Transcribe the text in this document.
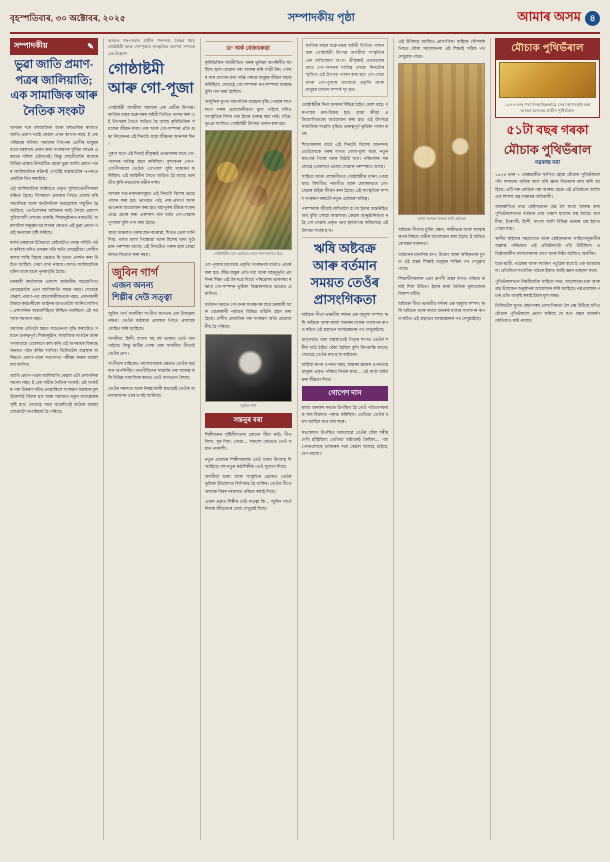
বৃহস্পতিবাৰ, ৩০ অক্টোবৰ, ২০২৫	সম্পাদকীয় পৃষ্ঠা	আমাৰ অসম ৪
সম্পাদকীয়	✎
ভুৱা জাতি প্ৰমাণ-পত্ৰৰ জালিয়াতি; এক সামাজিক আৰু নৈতিক সংকট

অসমৰ দৰে বহুজাতিক আৰু বহুভাষিক ৰাজ্যত জাতি প্ৰমাণ-পত্ৰই কেৱল এখন কাগজ নহয়, ই এক পৰিচয়ৰ দলিল। সমাজৰ পিছপৰা শ্ৰেণীৰ মানুহৰ বাবে চৰকাৰে প্ৰদান কৰা সংৰক্ষণৰ সুবিধা লাভৰ একমাত্ৰ দলিল এইখনেই। কিন্তু শেহতীয়াকৈ ৰাজ্যৰ বিভিন্ন প্ৰান্তত উদ্ঘাটিত হোৱা ভুৱা জাতি প্ৰমাণ-পত্ৰৰ জালিয়াতিৰ ঘটনাই গোটেই ব্যৱস্থাটোৰ ওপৰতে প্ৰশ্নচিহ্ন থিয় কৰাইছে।

এই জালিয়াতিৰ জৰিয়তে প্ৰকৃত সুবিধাভোগীসকল বঞ্চিত হৈছে। যিসকলে প্ৰজন্মৰ পিছত প্ৰজন্ম ধৰি সামাজিক আৰু অৰ্থনৈতিক অৱহেলাৰ সন্মুখীন হৈ আহিছে, তেওঁলোকৰ অধিকাৰ কাঢ়ি লৈছে একাংশ সুবিধাবাদী লোকে। চাকৰি, শিক্ষানুষ্ঠানত নামভৰ্তি, ব্যৱসায়িক অনুজ্ঞাপত্ৰ লাভৰ ক্ষেত্ৰত এই ভুৱা প্ৰমাণ-পত্ৰই অন্যায়ৰ সৃষ্টি কৰিছে।

ৰাজ্য চৰকাৰে ইতিমধ্যে কেইবাটাও তদন্ত সমিতি গঠন কৰিছে যদিও তদন্তৰ গতি অতি লেহেমীয়া। দোষীসকলক শাস্তি বিহাৰ ক্ষেত্ৰত যি দৃঢ়তা প্ৰদৰ্শন কৰা উচিত আছিল, সেয়া দেখা নাযায়। ফলত জালিয়াতিৰ ঘটনা বাৰে বাৰে পুনৰাবৃত্তি হৈছে।

চৰকাৰী কাৰ্যালয়ৰ একাংশ কৰ্মচাৰীৰ সহযোগিতা নোহোৱাকৈ এনে জালিয়াতি সম্ভৱ নহয়। সেয়েহে কেৱল প্ৰমাণ-পত্ৰ গ্ৰহণকাৰীজনকে নহয়, প্ৰদানকাৰী বিষয়া-কৰ্মচাৰীকো আইনৰ আওতালৈ আনিব লাগিব। প্ৰশাসনিক জবাবদিহিতা নিশ্চিত নকৰিলে এই সমস্যাৰ সমাধান নহয়।

সমাজৰ প্ৰতিটো স্তৰত সচেতনতা বৃদ্ধি কৰাটোও সমানে গুৰুত্বপূৰ্ণ। শিক্ষানুষ্ঠান, সামাজিক সংগঠন আৰু গণমাধ্যমে একেলগে কাম কৰি এই অপৰাধৰ বিৰুদ্ধে জনমত গঠন কৰিব লাগিব। ডিজিটেল ব্যৱস্থাৰ জৰিয়তে প্ৰমাণ-পত্ৰৰ সত্যাসত্য পৰীক্ষা কৰাৰ ব্যৱস্থা লব লাগিব।

জাতি প্ৰমাণ-পত্ৰৰ জালিয়াতি কেৱল এটা প্ৰশাসনিক সমস্যা নহয়, ই এক গভীৰ নৈতিক সংকট। এই সংকটৰ পৰা উত্তৰণ ঘটাব নোৱাৰিলে সংৰক্ষণ ব্যৱস্থাৰ মূল উদ্দেশ্যই বিফল হ'ব আৰু সমাজত নতুন অসন্তোষৰ সৃষ্টি হ'ব। সেয়েহে সময় থাকোঁতেই কঠোৰ ব্যৱস্থা লোৱাটো অপৰিহাৰ্য হৈ পৰিছে।

অসমত গৰু-সেৱাৰ প্ৰাচীন পৰম্পৰা, বৈষ্ণৱ ধৰ্মৰ গোষ্ঠাষ্টমী আৰু গো-পূজাৰ সাংস্কৃতিক তাৎপৰ্য সম্পৰ্কে এক বিশ্লেষণ
গোষ্ঠাষ্টমী আৰু গো-পূজা

গোষ্ঠাষ্টমী অসমীয়া সমাজৰ এক প্ৰাচীন উৎসৱ। কাৰ্তিক মাহৰ শুক্লপক্ষৰ অষ্টমী তিথিত পালন কৰা এই উৎসৱৰ সৈতে জড়িত হৈ আছে কৃষিভিত্তিক সমাজৰ জীৱন-ধাৰা। গৰু আৰু গো-সম্পদৰ প্ৰতি শ্ৰদ্ধা নিবেদনৰ এই দিনটো গ্ৰাম্য জীৱনৰ আনন্দৰ দিন।

পুৰাণ মতে এই দিনাই শ্ৰীকৃষ্ণই প্ৰথমবাৰৰ বাবে গো-পালনৰ দায়িত্ব গ্ৰহণ কৰিছিল। বৃন্দাবনৰ গোপ-গোপীসকলে তেওঁক ‘গোপাল’ বুলি সম্বোধন কৰিছিল। এই কাহিনীৰ সৈতে জড়িত হৈ আছে ভাৰতীয় কৃষি-সভ্যতাৰ গভীৰ দৰ্শন।

অসমৰ সত্ৰ-নামঘৰসমূহত এই দিনটো বিশেষ ভাৱে পালন কৰা হয়। ভাগৱত পাঠ, নাম-প্ৰসংগ আৰু ভাওনাৰ আয়োজন কৰা হয়। মহাপুৰুষ শ্ৰীমন্ত শংকৰদেৱে প্ৰচাৰ কৰা একশৰণ নাম ধৰ্মত গো-সেৱাক পুণ্যকৰ্ম বুলি গণ্য কৰা হৈছে।

গ্ৰাম্য অঞ্চলত গৰুক স্নান কৰোৱা, শিঙত তেল সানি দিয়া, গলত মালা পিন্ধোৱা আৰু বিশেষ খাদ্য খুউৱাৰ পৰম্পৰা আছে। এই দিনটোত গৰুক হাল বোৱা কামত নিয়োগ কৰা নহয়।

জুবিন গাৰ্গ
এজন অনন্য
শিল্পীৰ দেউ সত্ত্বা

জুবিন গাৰ্গ অসমীয়া সংগীত জগতৰ এক উজ্জ্বল নক্ষত্ৰ। তেওঁৰ কণ্ঠস্বৰে প্ৰজন্মৰ পিছত প্ৰজন্মক মোহিত কৰি আহিছে।

অসমীয়া, হিন্দী, বাংলা সহ বহু ভাষাত তেওঁ গান গাইছে। কিন্তু মাটিৰ গোন্ধ থকা অসমীয়া গীতেই তেওঁৰ প্ৰাণ।

সংগীতৰ বাহিৰেও সমাজসেৱাৰ ক্ষেত্ৰত তেওঁৰ অৱদান অপৰিসীম। বানপীড়িতৰ সাহাৰ্যৰ পৰা আৰম্ভ কৰি বিভিন্ন সামাজিক কামত তেওঁ আগভাগ লৈছে।

তেওঁৰ সৰলতা আৰু নিৰহংকাৰী স্বভাৱেই তেওঁক জনসাধাৰণৰ ওচৰ চপাই আনিছে।

ড° অৰ্ক বেজবৰুৱা

কৃষিভিত্তিক অৰ্থনীতিত গৰুৰ ভূমিকা অপৰিসীম আছিল। হাল বোৱাৰ পৰা আৰম্ভ কৰি গাড়ী টনা, গোবৰ সাৰ যোগান ধৰা পৰ্যন্ত গৰুৱে মানুহৰ জীৱন সহজ কৰিছিল। সেয়েহে গো-সম্পদক ধন-সম্পদৰ সমকক্ষ বুলি গণ্য কৰা হৈছিল।

আধুনিক যুগত যন্ত্ৰপাতিৰ ব্যৱহাৰ বৃদ্ধি পোৱাৰ লগে লগে গৰুৰ প্ৰয়োজনীয়তা হ্ৰাস পাইছে যদিও সাংস্কৃতিক দিশৰ পৰা ইয়াৰ গুৰুত্ব কমা নাই। গাঁৱে-ভূঞে আজিও গোষ্ঠাষ্টমী উৎসৱ পালন কৰা হয়।

গোষ্ঠাষ্টমীৰ দৃশ্য অংকিত এখন পৰম্পৰাগত চিত্ৰ

গো-পূজাৰ মাজেৰে প্ৰকৃতি সংৰক্ষণৰ বাৰ্তাও প্ৰচাৰ কৰা হয়। জীৱ-জন্তুৰ প্ৰতি দয়া আৰু সহানুভূতি প্ৰদৰ্শনৰ শিক্ষা এই উৎসৱে দিয়ে। পৰিৱেশৰ ভাৰসাম্য ৰক্ষাত গো-সম্পদৰ ভূমিকা বিজ্ঞানসন্মত ভাৱেও প্ৰমাণিত।

বৰ্তমান সময়ত গো-ধনৰ সংৰক্ষণৰ বাবে চৰকাৰী আৰু বেচৰকাৰী পৰ্যায়ত বিভিন্ন আঁচনি গ্ৰহণ কৰা হৈছে। দেশীয় প্ৰজাতিৰ গৰু সংৰক্ষণ অতি প্ৰয়োজনীয় হৈ পৰিছে।

জুবিন গাৰ্গ
সন্তনুৰ বৰা

শিল্পীজনৰ সৃষ্টিশীলতাৰ কোনো সীমা নাই। গীত লিখা, সুৰ দিয়া, গোৱা— সকলো ক্ষেত্ৰতে তেওঁ সমান পাৰদৰ্শী।

নতুন প্ৰজন্মৰ শিল্পীসকলক তেওঁ সদায় উৎসাহ দি আহিছে। বহু নতুন কণ্ঠশিল্পীক তেওঁ সুযোগ দিছে।

অসমীয়া ভাষা আৰু সংস্কৃতিৰ প্ৰচাৰত তেওঁৰ ভূমিকা ইতিহাসত লিপিবদ্ধ হৈ থাকিব। তেওঁৰ গীতে অসমক বিশ্বৰ দৰবাৰত পৰিচয় কৰাই দিছে।

এজন প্ৰকৃত শিল্পীৰ দেউ সত্ত্বা কি— জুবিন গাৰ্গে নিজৰ জীৱনেৰে সেয়া দেখুৱাই দিছে।

কাৰ্তিক মাহৰ শুক্লপক্ষৰ অষ্টমী তিথিত পালন কৰা গোষ্ঠাষ্টমী উৎসৱ অসমীয়া সংস্কৃতিৰ এক অবিচ্ছেদ্য অংগ। শ্ৰীকৃষ্ণই প্ৰথমবাৰৰ বাবে গো-পালনৰ দায়িত্ব লোৱা দিনটোৰ স্মৃতিত এই উৎসৱ পালন কৰা হয়। গো-সেৱা আৰু গো-পূজাৰ মাজেৰে প্ৰকৃতি আৰু মানুহৰ মাজৰ সম্পৰ্ক দৃঢ় হয়।

গোষ্ঠাষ্টমীৰ দিনা অসমৰ বিভিন্ন ঠাইত মেলা বহে। গৰু-ম’হৰ ক্ৰয়-বিক্ৰয় হয়। গ্ৰাম্য ক্ৰীড়া প্ৰতিযোগিতাৰো আয়োজন কৰা হয়। এই উৎসৱে সামাজিক সংহতি বৃদ্ধিত গুৰুত্বপূৰ্ণ ভূমিকা পালন কৰে।

শিশুসকলৰ বাবে এই দিনটো বিশেষ আনন্দৰ। তেওঁলোকে গৰুৰ লগত খেলা-ধূলা কৰে, নতুন কাপোৰ পিন্ধে আৰু মিঠাই খায়। পৰিয়ালৰ সকলোৱে একেলগে ভোজ খোৱাৰ পৰম্পৰাও আছে।

সাহিত্য আৰু লোকগীতত গোষ্ঠাষ্টমীৰ বৰ্ণনা পোৱা যায়। বিহুগীত, নামগীত আৰু লোককথাত গো-সেৱাৰ মহিমা কীৰ্তন কৰা হৈছে। এই সাংস্কৃতিক সম্পদ সংৰক্ষণ কৰাটো নতুন প্ৰজন্মৰ দায়িত্ব।

পৰম্পৰাক জীয়াই ৰাখিবলৈ হ’লে ইয়াৰ অন্তৰ্নিহিত অৰ্থ বুজি লোৱা আৱশ্যক। কেৱল আনুষ্ঠানিকতা নহৈ গো-সেৱাৰ প্ৰকৃত ভাব হৃদয়ংগম কৰিলেহে এই উৎসৱ সাৰ্থক হ’ব।

ঋষি অষ্টবক্ৰ আৰু বৰ্তমান সময়ত তেওঁৰ প্ৰাসংগিকতা

অষ্টবক্ৰ গীতা ভাৰতীয় দৰ্শনৰ এক অমূল্য সম্পদ। ঋষি অষ্টবক্ৰ আৰু ৰাজা জনকৰ মাজৰ সংলাপৰ ৰূপত ৰচিত এই গ্ৰন্থখনে আত্মজ্ঞানৰ পথ দেখুৱাইছে।

মাতৃগৰ্ভত থকা অৱস্থাতেই পিতৃৰ শাপত তেওঁৰ শৰীৰ আঠ ঠাইত বেঁকা হৈছিল বুলি কিংবদন্তি আছে। সেয়েহে তেওঁৰ নাম হ’ল অষ্টবক্ৰ।

বাহ্যিক ৰূপৰ ওপৰত নহয়, অন্তৰৰ জ্ঞানৰ ওপৰতহে মানুহৰ প্ৰকৃত পৰিচয় নিৰ্ভৰ কৰে— এই বাৰ্তা অষ্টবক্ৰৰ জীৱনে দিয়ে।

গোপেশ দাস

ৰাজা জনকৰ সভাত উপস্থিত হৈ তেওঁ পণ্ডিতসকলক বাদ-বিবাদত পৰাস্ত কৰিছিল। তেতিয়া তেওঁৰ বয়স আছিল মাত্ৰ বাৰ বছৰ।

সভাস্থলত উপস্থিত সকলোৱে তেওঁৰ বেঁকা শৰীৰ দেখি হাঁহিছিল। তেতিয়া অষ্টবক্ৰই কৈছিল— ‘আপোনালোকে চৰ্মকাৰৰ দৰে কেৱল ছালহে চাইছে, গুণ নাচায়।’

এই উক্তিয়ে আজিও প্ৰাসংগিক। বাহ্যিক সৌন্দৰ্যৰ পিছত দৌৰা সমাজখনক এই শিক্ষাই সঠিক পথ দেখুৱাব পাৰে।

ৰাজা জনকৰ সভাত ঋষি অষ্টবক্ৰ

অষ্টবক্ৰ গীতাত মুক্তি, বন্ধন, সাক্ষীভাৱ আৰু আত্মস্বৰূপৰ বিষয়ে গভীৰ আলোচনা কৰা হৈছে। ই অদ্বৈত বেদান্তৰ সাৰকথা।

বৰ্তমানৰ মানসিক চাপ, উদ্বেগ আৰু অস্থিৰতাৰ যুগত এই গ্ৰন্থৰ শিক্ষাই মানুহক শান্তিৰ পথ দেখুৱাব পাৰে।

শিক্ষাৰ্থীসকলক এনে ধ্ৰুপদী গ্ৰন্থৰ লগত পৰিচয় কৰাই দিয়া উচিত। ইয়াৰ দ্বাৰা নৈতিক মূল্যবোধৰ বিকাশ ঘটিব।

অষ্টবক্ৰ গীতা ভাৰতীয় দৰ্শনৰ এক অমূল্য সম্পদ। ঋষি অষ্টবক্ৰ আৰু ৰাজা জনকৰ মাজৰ সংলাপৰ ৰূপত ৰচিত এই গ্ৰন্থখনে আত্মজ্ঞানৰ পথ দেখুৱাইছে।

মৌচাক পুথিভঁৰাল
১৯৭৪ চনৰ পৰা নিৰৱচ্ছিন্নভাৱে সেৱা আগবঢ়াই অহা অসমৰ অন্যতম প্ৰাচীন পুথিভঁৰাল
৫১টা বছৰ গৰকা
মৌচাক পুথিভঁৰাল
নৱকান্ত বৰা

১৯৭৪ চনৰ ৭ ফেব্ৰুৱাৰীত স্থাপিত হোৱা মৌচাক পুথিভঁৰালে পাঁচ দশকৰো অধিক কাল ধৰি জ্ঞান বিতৰণৰ কাম কৰি আহিছে। এটি সৰু কোঠাৰ পৰা আৰম্ভ হোৱা এই প্ৰতিষ্ঠানে আজি এক বিশাল গ্ৰন্থ-সম্ভাৰৰ অধিকাৰী।

আৰম্ভণিতে মাত্ৰ কেইশতমান গ্ৰন্থ লৈ যাত্ৰা আৰম্ভ কৰা পুথিভঁৰালখনত বৰ্তমান প্ৰায় পঞ্চাশ হাজাৰ গ্ৰন্থ আছে। অসমীয়া, ইংৰাজী, হিন্দী, বাংলা আদি বিভিন্ন ভাষাৰ গ্ৰন্থ ইয়াত পোৱা যায়।

স্থানীয় ৰাইজৰ সহযোগত আৰু কেইজনমান সাহিত্যানুৰাগীৰ অক্লান্ত পৰিশ্ৰমত এই প্ৰতিষ্ঠানটো গঢ়ি উঠিছিল। প্ৰতিষ্ঠাকালীন সদস্যসকলৰ ত্যাগ আৰু নিষ্ঠা আজিও স্মৰণীয়।

ছাত্ৰ-ছাত্ৰী, গৱেষক আৰু সাধাৰণ পঢ়ুৱৈৰ বাবে ই এক আশ্ৰয়স্থল। প্ৰতিদিনে শতাধিক পাঠকে ইয়াত আহি জ্ঞান আহৰণ কৰে।

পুথিভঁৰালখনে নিয়মীয়াকৈ সাহিত্য সভা, আলোচনা-চক্ৰ আৰু গ্ৰন্থ উন্মোচন অনুষ্ঠানৰ আয়োজন কৰি আহিছে। নৱপ্ৰজন্মক পঢ়াৰ প্ৰতি আকৃষ্ট কৰাই ইয়াৰ মূল লক্ষ্য।

ডিজিটেল যুগত গ্ৰন্থাগাৰৰ প্ৰাসংগিকতা লৈ প্ৰশ্ন উঠিছে যদিও মৌচাক পুথিভঁৰালে প্ৰমাণ কৰিছে যে ছপা গ্ৰন্থৰ আকৰ্ষণ কেতিয়াও কমি নাযায়।
